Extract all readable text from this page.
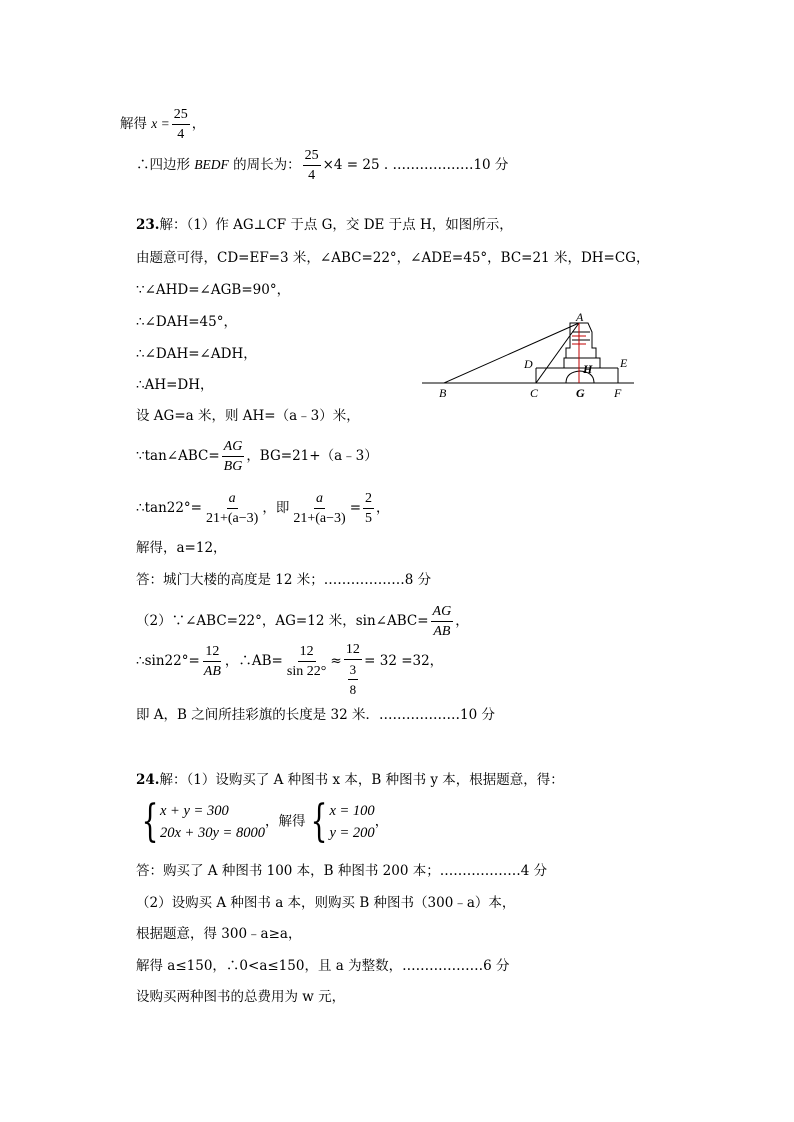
解得 $x = \frac{25}{4}$ ，
∴四边形 BEDF 的周长为： $\frac{25}{4} \times 4 = 25$ . ………………10 分
23.解：（1）作 AG⊥CF 于点 G，交 DE 于点 H，如图所示，
由题意可得，CD=EF=3 米，∠ABC=22°，∠ADE=45°，BC=21 米，DH=CG，
∵∠AHD=∠AGB=90°，
∴∠DAH=45°，
∴∠DAH=∠ADH，
∴AH=DH，
设 AG=a 米，则 AH=（a﹣3）米，
∵tan∠ABC= $\frac{AG}{BG}$ ，BG=21+（a﹣3）
∴tan22°= $\frac{a}{21+(a-3)}$ ，即 $\frac{a}{21+(a-3)} = \frac{2}{5}$ ，
解得，a=12，
答：城门大楼的高度是 12 米；………………8 分
（2）∵∠ABC=22°，AG=12 米，sin∠ABC= $\frac{AG}{AB}$ ，
∴sin22°= $\frac{12}{AB}$ ，∴AB= $\frac{12}{\sin 22^\circ} \approx \frac{12}{\frac{3}{8}} = 32 =32$，
即 A，B 之间所挂彩旗的长度是 32 米．………………10 分
A
B	C
D	E
F
G
H
24.解：（1）设购买了 A 种图书 x 本，B 种图书 y 本，根据题意，得：
{ x + y = 300
20x + 30y = 8000
，解得 { x = 100
y = 200
，
答：购买了 A 种图书 100 本，B 种图书 200 本；………………4 分
（2）设购买 A 种图书 a 本，则购买 B 种图书（300﹣a）本，
根据题意，得 300﹣a≥a，
解得 a≤150，∴0<a≤150，且 a 为整数，………………6 分
设购买两种图书的总费用为 w 元，
